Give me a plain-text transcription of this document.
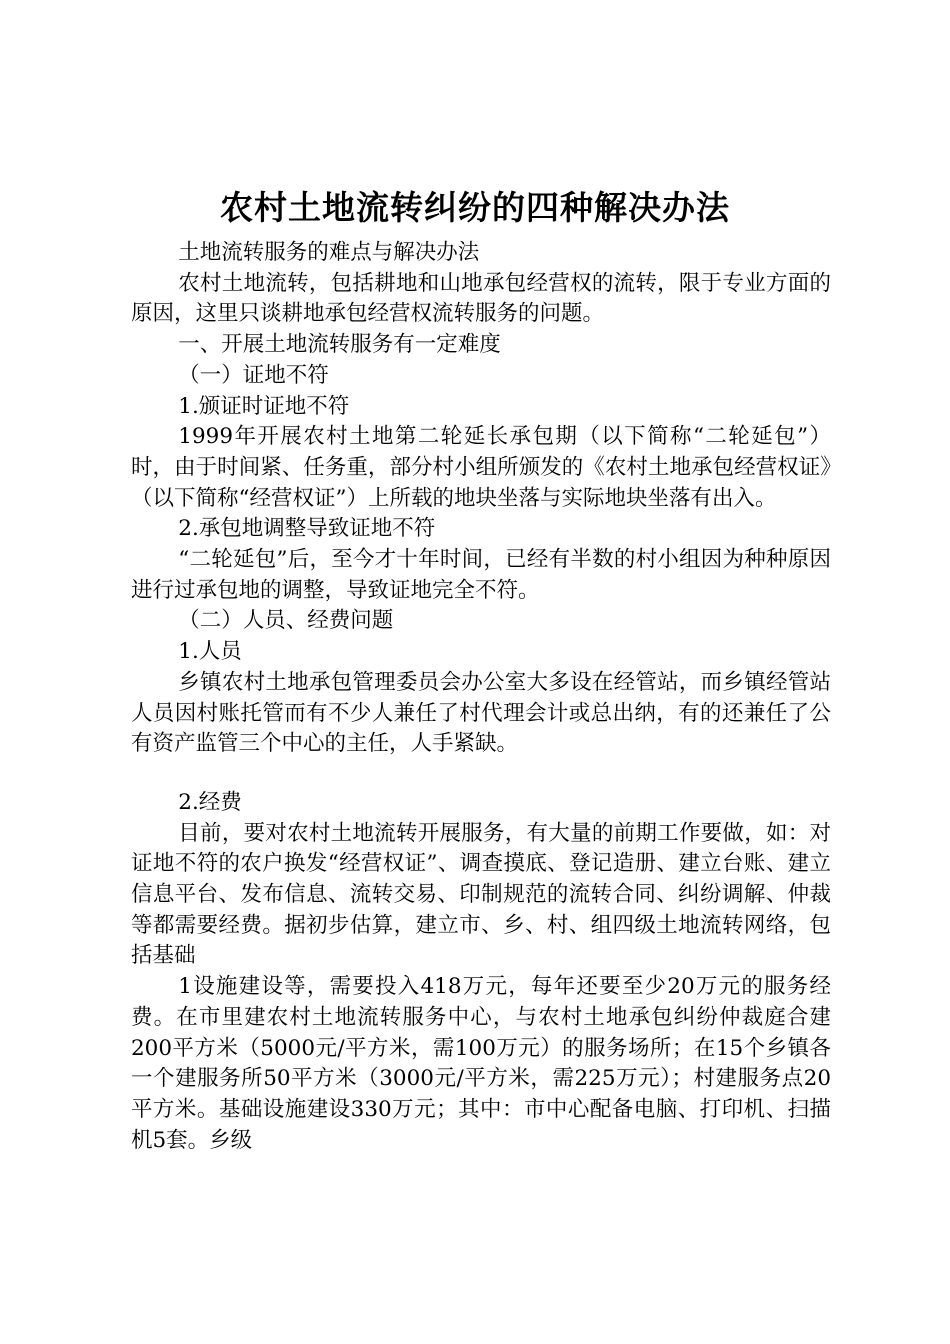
农村土地流转纠纷的四种解决办法

土地流转服务的难点与解决办法

农村土地流转，包括耕地和山地承包经营权的流转，限于专业方面的原因，这里只谈耕地承包经营权流转服务的问题。

一、开展土地流转服务有一定难度

（一）证地不符

1.颁证时证地不符

1999年开展农村土地第二轮延长承包期（以下简称“二轮延包”）时，由于时间紧、任务重，部分村小组所颁发的《农村土地承包经营权证》（以下简称“经营权证”）上所载的地块坐落与实际地块坐落有出入。

2.承包地调整导致证地不符

“二轮延包”后，至今才十年时间，已经有半数的村小组因为种种原因进行过承包地的调整，导致证地完全不符。

（二）人员、经费问题

1.人员

乡镇农村土地承包管理委员会办公室大多设在经管站，而乡镇经管站人员因村账托管而有不少人兼任了村代理会计或总出纳，有的还兼任了公有资产监管三个中心的主任，人手紧缺。

2.经费

目前，要对农村土地流转开展服务，有大量的前期工作要做，如：对证地不符的农户换发“经营权证”、调查摸底、登记造册、建立台账、建立信息平台、发布信息、流转交易、印制规范的流转合同、纠纷调解、仲裁等都需要经费。据初步估算，建立市、乡、村、组四级土地流转网络，包括基础

1设施建设等，需要投入418万元，每年还要至少20万元的服务经费。在市里建农村土地流转服务中心，与农村土地承包纠纷仲裁庭合建200平方米（5000元/平方米，需100万元）的服务场所；在15个乡镇各一个建服务所50平方米（3000元/平方米，需225万元）；村建服务点20平方米。基础设施建设330万元；其中：市中心配备电脑、打印机、扫描机5套。乡级
